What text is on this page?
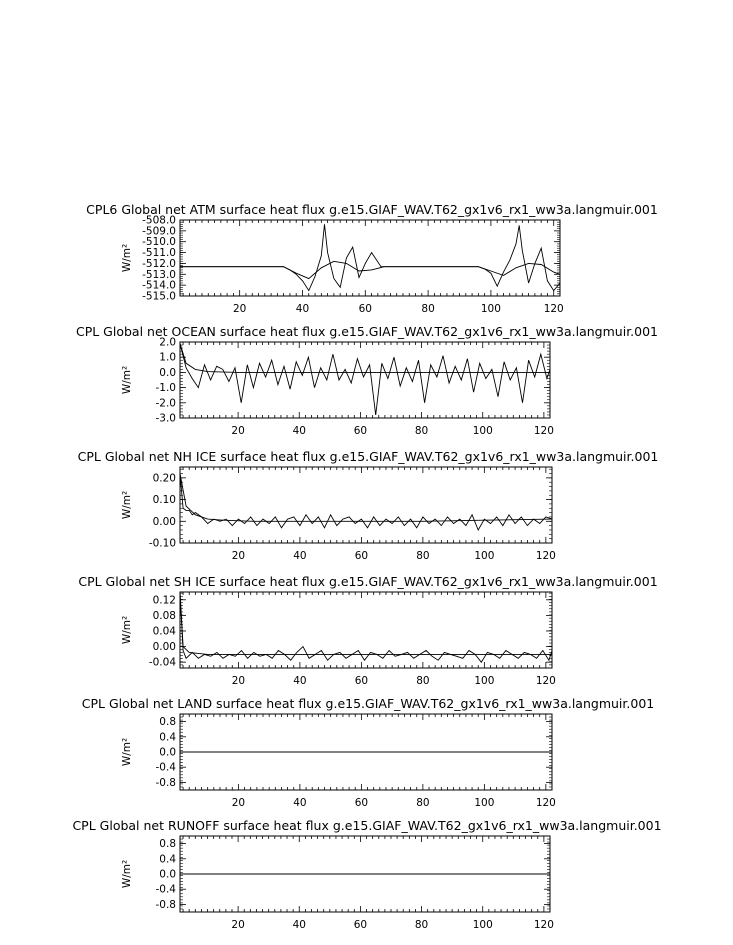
CPL6 Global net ATM surface heat flux g.e15.GIAF_WAV.T62_gx1v6_rx1_ww3a.langmuir.001
20	40	60	80	100	120
-508.0
-509.0
-510.0
-511.0
-512.0
-513.0
-514.0
-515.0
W/m²
CPL Global net OCEAN surface heat flux g.e15.GIAF_WAV.T62_gx1v6_rx1_ww3a.langmuir.001
20	40	60	80	100	120
2.0
1.0
0.0
-1.0
-2.0
-3.0
W/m²
CPL Global net NH ICE surface heat flux g.e15.GIAF_WAV.T62_gx1v6_rx1_ww3a.langmuir.001
20	40	60	80	100	120
0.20
0.10
0.00
-0.10
W/m²
CPL Global net SH ICE surface heat flux g.e15.GIAF_WAV.T62_gx1v6_rx1_ww3a.langmuir.001
20	40	60	80	100	120
0.12
0.08
0.04
0.00
-0.04
W/m²
CPL Global net LAND surface heat flux g.e15.GIAF_WAV.T62_gx1v6_rx1_ww3a.langmuir.001
20	40	60	80	100	120
0.8
0.4
0.0
-0.4
-0.8
W/m²
CPL Global net RUNOFF surface heat flux g.e15.GIAF_WAV.T62_gx1v6_rx1_ww3a.langmuir.001
20	40	60	80	100	120
0.8
0.4
0.0
-0.4
-0.8
W/m²
